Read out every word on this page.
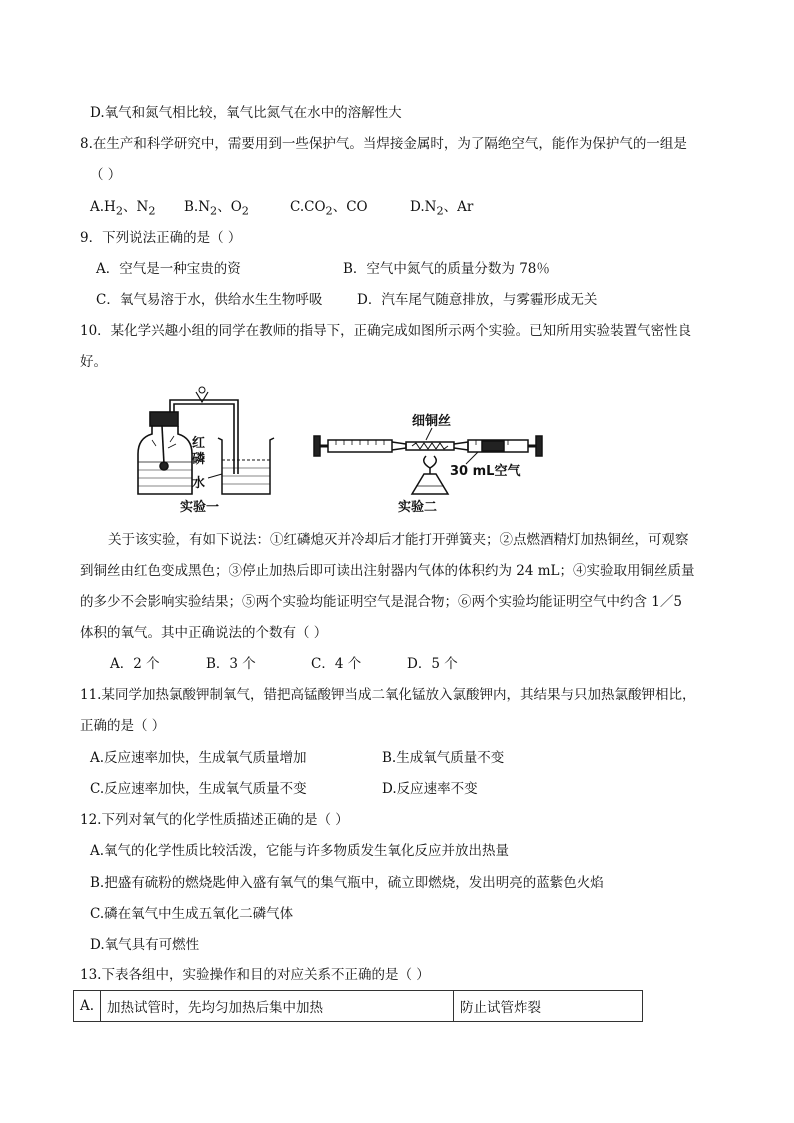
D.氧气和氮气相比较，氧气比氮气在水中的溶解性大
8.在生产和科学研究中，需要用到一些保护气。当焊接金属时，为了隔绝空气，能作为保护气的一组是
（ ）
$A.H_2$、$N_2$ $B.N_2$、$O_2$	$C.CO_2$、CO	$D.N_2$、Ar
9．下列说法正确的是（ ）
A．空气是一种宝贵的资	B．空气中氮气的质量分数为 78％
C．氧气易溶于水，供给水生生物呼吸	D．汽车尾气随意排放，与雾霾形成无关
10．某化学兴趣小组的同学在教师的指导下，正确完成如图所示两个实验。已知所用实验装置气密性良
好。
红
磷
水
实验一
细铜丝
30 mL空气
实验二
关于该实验，有如下说法：①红磷熄灭并冷却后才能打开弹簧夹；②点燃酒精灯加热铜丝，可观察
到铜丝由红色变成黑色；③停止加热后即可读出注射器内气体的体积约为 24 mL；④实验取用铜丝质量
的多少不会影响实验结果；⑤两个实验均能证明空气是混合物；⑥两个实验均能证明空气中约含 1／5
体积的氧气。其中正确说法的个数有（ ）
A．2 个	B．3 个	C．4 个	D．5 个
11.某同学加热氯酸钾制氧气，错把高锰酸钾当成二氧化锰放入氯酸钾内，其结果与只加热氯酸钾相比，
正确的是（ ）
A.反应速率加快，生成氧气质量增加	B.生成氧气质量不变
C.反应速率加快，生成氧气质量不变	D.反应速率不变
12.下列对氧气的化学性质描述正确的是（ ）
A.氧气的化学性质比较活泼，它能与许多物质发生氧化反应并放出热量
B.把盛有硫粉的燃烧匙伸入盛有氧气的集气瓶中，硫立即燃烧，发出明亮的蓝紫色火焰
C.磷在氧气中生成五氧化二磷气体
D.氧气具有可燃性
13.下表各组中，实验操作和目的对应关系不正确的是（ ）
A.	加热试管时，先均匀加热后集中加热	防止试管炸裂
